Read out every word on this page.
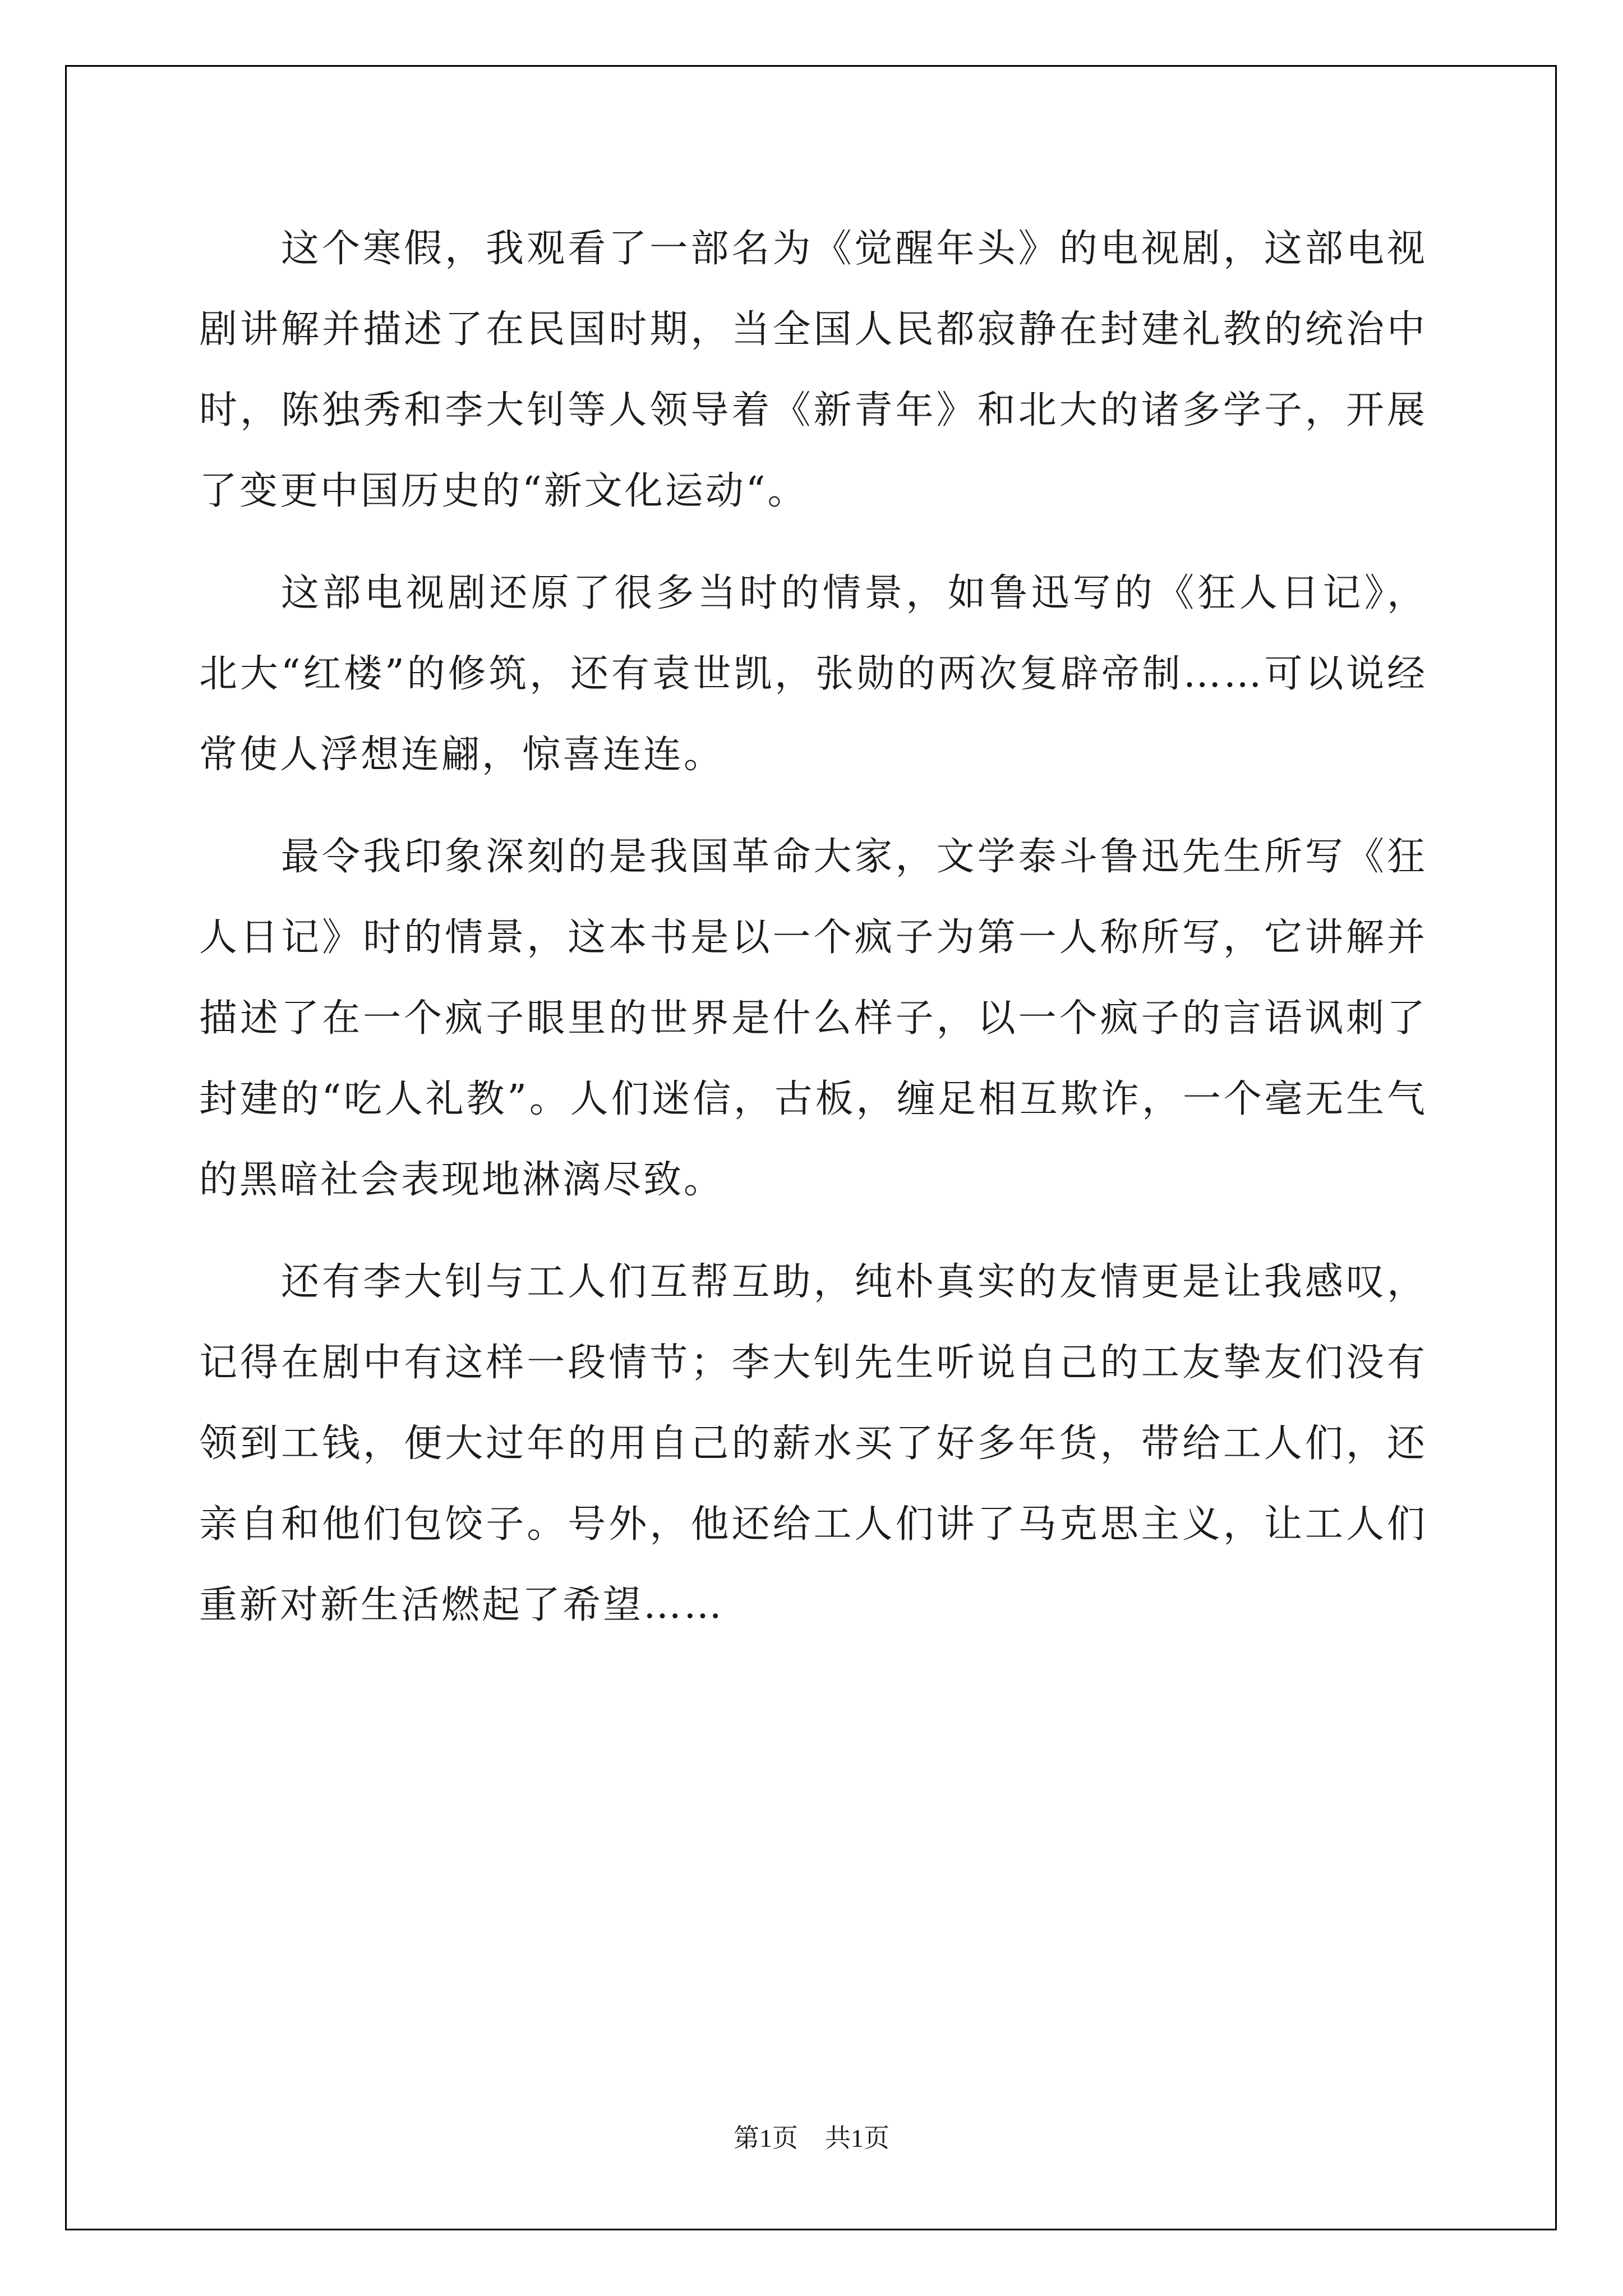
这个寒假，我观看了一部名为《觉醒年头》的电视剧，这部电视剧讲解并描述了在民国时期，当全国人民都寂静在封建礼教的统治中时，陈独秀和李大钊等人领导着《新青年》和北大的诸多学子，开展了变更中国历史的“新文化运动“。

这部电视剧还原了很多当时的情景，如鲁迅写的《狂人日记》，北大“红楼”的修筑，还有袁世凯，张勋的两次复辟帝制……可以说经常使人浮想连翩，惊喜连连。

最令我印象深刻的是我国革命大家，文学泰斗鲁迅先生所写《狂人日记》时的情景，这本书是以一个疯子为第一人称所写，它讲解并描述了在一个疯子眼里的世界是什么样子，以一个疯子的言语讽刺了封建的“吃人礼教”。人们迷信，古板，缠足相互欺诈，一个毫无生气的黑暗社会表现地淋漓尽致。

还有李大钊与工人们互帮互助，纯朴真实的友情更是让我感叹，记得在剧中有这样一段情节；李大钊先生听说自己的工友挚友们没有领到工钱，便大过年的用自己的薪水买了好多年货，带给工人们，还亲自和他们包饺子。号外，他还给工人们讲了马克思主义，让工人们重新对新生活燃起了希望……

第1页 共1页
